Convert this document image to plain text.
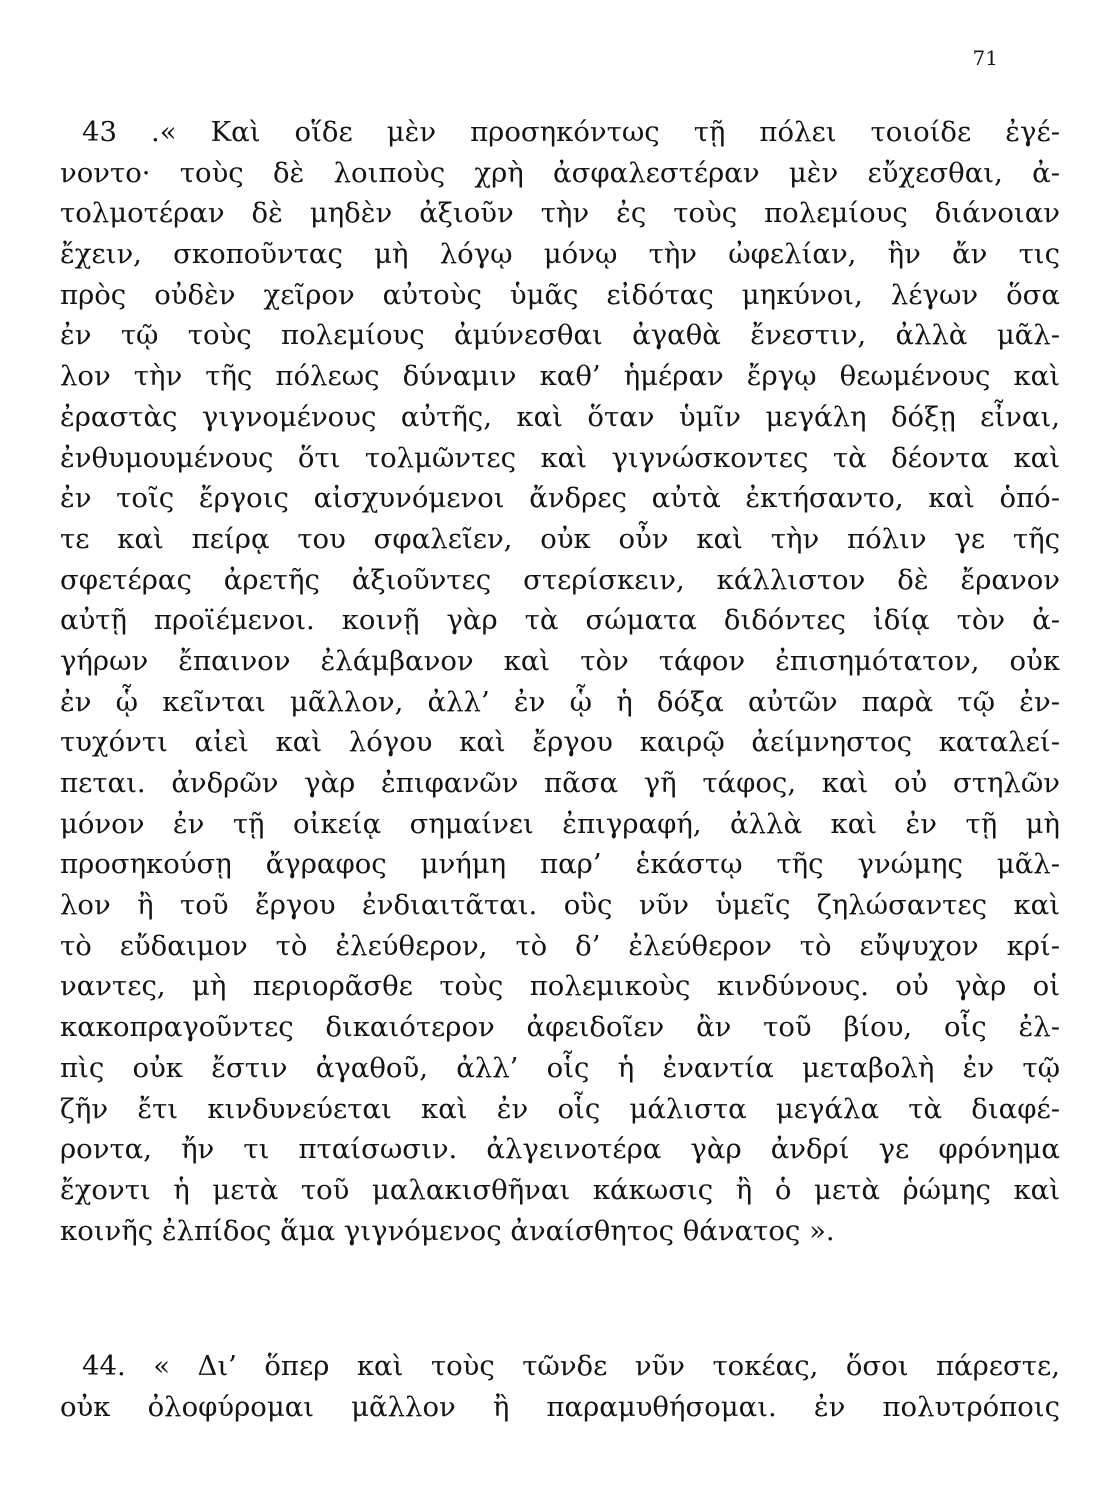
71
43 .« Καὶ οἵδε μὲν προσηκόντως τῇ πόλει τοιοίδε ἐγέ-
νοντο· τοὺς δὲ λοιποὺς χρὴ ἀσφαλεστέραν μὲν εὔχεσθαι, ἀ-
τολμοτέραν δὲ μηδὲν ἀξιοῦν τὴν ἐς τοὺς πολεμίους διάνοιαν
ἔχειν, σκοποῦντας μὴ λόγῳ μόνῳ τὴν ὠφελίαν, ἣν ἄν τις
πρὸς οὐδὲν χεῖρον αὐτοὺς ὑμᾶς εἰδότας μηκύνοι, λέγων ὅσα
ἐν τῷ τοὺς πολεμίους ἀμύνεσθαι ἀγαθὰ ἔνεστιν, ἀλλὰ μᾶλ-
λον τὴν τῆς πόλεως δύναμιν καθ’ ἡμέραν ἔργῳ θεωμένους καὶ
ἐραστὰς γιγνομένους αὐτῆς, καὶ ὅταν ὑμῖν μεγάλη δόξῃ εἶναι,
ἐνθυμουμένους ὅτι τολμῶντες καὶ γιγνώσκοντες τὰ δέοντα καὶ
ἐν τοῖς ἔργοις αἰσχυνόμενοι ἄνδρες αὐτὰ ἐκτήσαντο, καὶ ὁπό-
τε καὶ πείρᾳ του σφαλεῖεν, οὐκ οὖν καὶ τὴν πόλιν γε τῆς
σφετέρας ἀρετῆς ἀξιοῦντες στερίσκειν, κάλλιστον δὲ ἔρανον
αὐτῇ προϊέμενοι. κοινῇ γὰρ τὰ σώματα διδόντες ἰδίᾳ τὸν ἀ-
γήρων ἔπαινον ἐλάμβανον καὶ τὸν τάφον ἐπισημότατον, οὐκ
ἐν ᾧ κεῖνται μᾶλλον, ἀλλ’ ἐν ᾧ ἡ δόξα αὐτῶν παρὰ τῷ ἐν-
τυχόντι αἰεὶ καὶ λόγου καὶ ἔργου καιρῷ ἀείμνηστος καταλεί-
πεται. ἀνδρῶν γὰρ ἐπιφανῶν πᾶσα γῆ τάφος, καὶ οὐ στηλῶν
μόνον ἐν τῇ οἰκείᾳ σημαίνει ἐπιγραφή, ἀλλὰ καὶ ἐν τῇ μὴ
προσηκούσῃ ἄγραφος μνήμη παρ’ ἑκάστῳ τῆς γνώμης μᾶλ-
λον ἢ τοῦ ἔργου ἐνδιαιτᾶται. οὓς νῦν ὑμεῖς ζηλώσαντες καὶ
τὸ εὔδαιμον τὸ ἐλεύθερον, τὸ δ’ ἐλεύθερον τὸ εὔψυχον κρί-
ναντες, μὴ περιορᾶσθε τοὺς πολεμικοὺς κινδύνους. οὐ γὰρ οἱ
κακοπραγοῦντες δικαιότερον ἀφειδοῖεν ἂν τοῦ βίου, οἷς ἐλ-
πὶς οὐκ ἔστιν ἀγαθοῦ, ἀλλ’ οἷς ἡ ἐναντία μεταβολὴ ἐν τῷ
ζῆν ἔτι κινδυνεύεται καὶ ἐν οἷς μάλιστα μεγάλα τὰ διαφέ-
ροντα, ἤν τι πταίσωσιν. ἀλγεινοτέρα γὰρ ἀνδρί γε φρόνημα
ἔχοντι ἡ μετὰ τοῦ μαλακισθῆναι κάκωσις ἢ ὁ μετὰ ῥώμης καὶ
κοινῆς ἐλπίδος ἅμα γιγνόμενος ἀναίσθητος θάνατος ».
44. « Δι’ ὅπερ καὶ τοὺς τῶνδε νῦν τοκέας, ὅσοι πάρεστε,
οὐκ ὀλοφύρομαι μᾶλλον ἢ παραμυθήσομαι. ἐν πολυτρόποις
